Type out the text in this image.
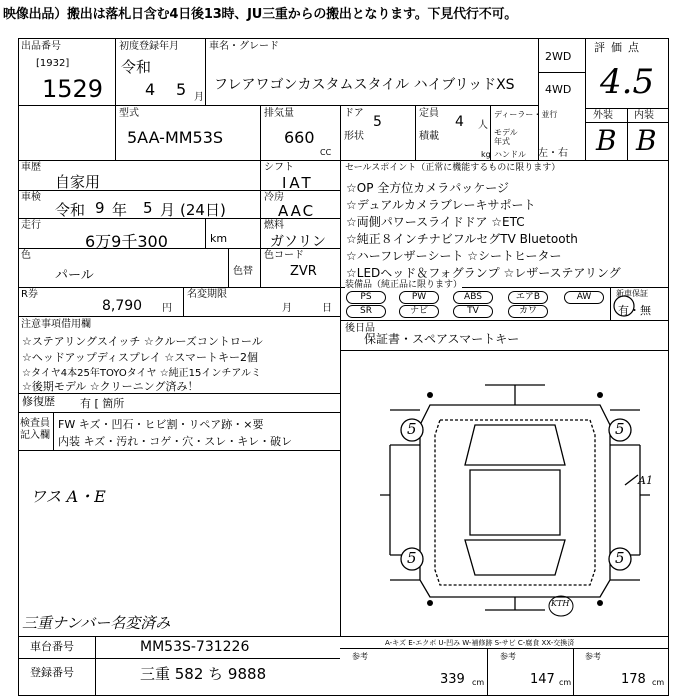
映像出品）搬出は落札日含む4日後13時、JU三重からの搬出となります。下見代行不可。
出品番号
[1932]
1529
初度登録年月
令和
4 5 月
車名・グレード
フレアワゴンカスタムスタイル ハイブリッドXS
2WD
4WD
評価点
4.5
外装 内装
B B
型式
5AA-MM53S
排気量
660
CC
ドア
5
形状
定員
4 人
積載
kg
ディーラー・並行
モデル年式
ハンドル 左・右
車歴
自家用
シフト
IAT
車検
令和 9 年 5 月 (24日)
冷房
AAC
走行
6万9千300	km
燃料
ガソリン
色
パール	色替
色コード
ZVR
セールスポイント（正常に機能するものに限ります）
☆OP 全方位カメラパッケージ
☆デュアルカメラブレーキサポート
☆両側パワースライドドア ☆ETC
☆純正８インチナビフルセグTV Bluetooth
☆ハーフレザーシート ☆シートヒーター
☆LEDヘッド＆フォグランプ ☆レザーステアリング
R券
8,790 円
名変期限
月	日
装備品（純正品に限ります）
PS	PW	ABS	エアB	AW
SR	ナビ	TV	カワ
新車保証
有・無
注意事項借用欄
☆ステアリングスイッチ ☆クルーズコントロール
☆ヘッドアップディスプレイ ☆スマートキー2個
☆タイヤ4本25年TOYOタイヤ ☆純正15インチアルミ
☆後期モデル ☆クリーニング済み！
修復歴 有 [ 箇所
後日品
保証書・スペアスマートキー
検査員記入欄
FW キズ・凹石・ヒビ割・リペア跡・×要
内装 キズ・汚れ・コゲ・穴・スレ・キレ・破レ
ワス A・E
三重ナンバー名変済み
5	5
5	5
A1
KTH
A-キズ E-エクボ U-凹み W-補修跡 S-サビ C-腐食 XX-交換済
車台番号	MM53S-731226
登録番号	三重 582 ち 9888
参考	参考	参考
339 cm	147 cm	178 cm
